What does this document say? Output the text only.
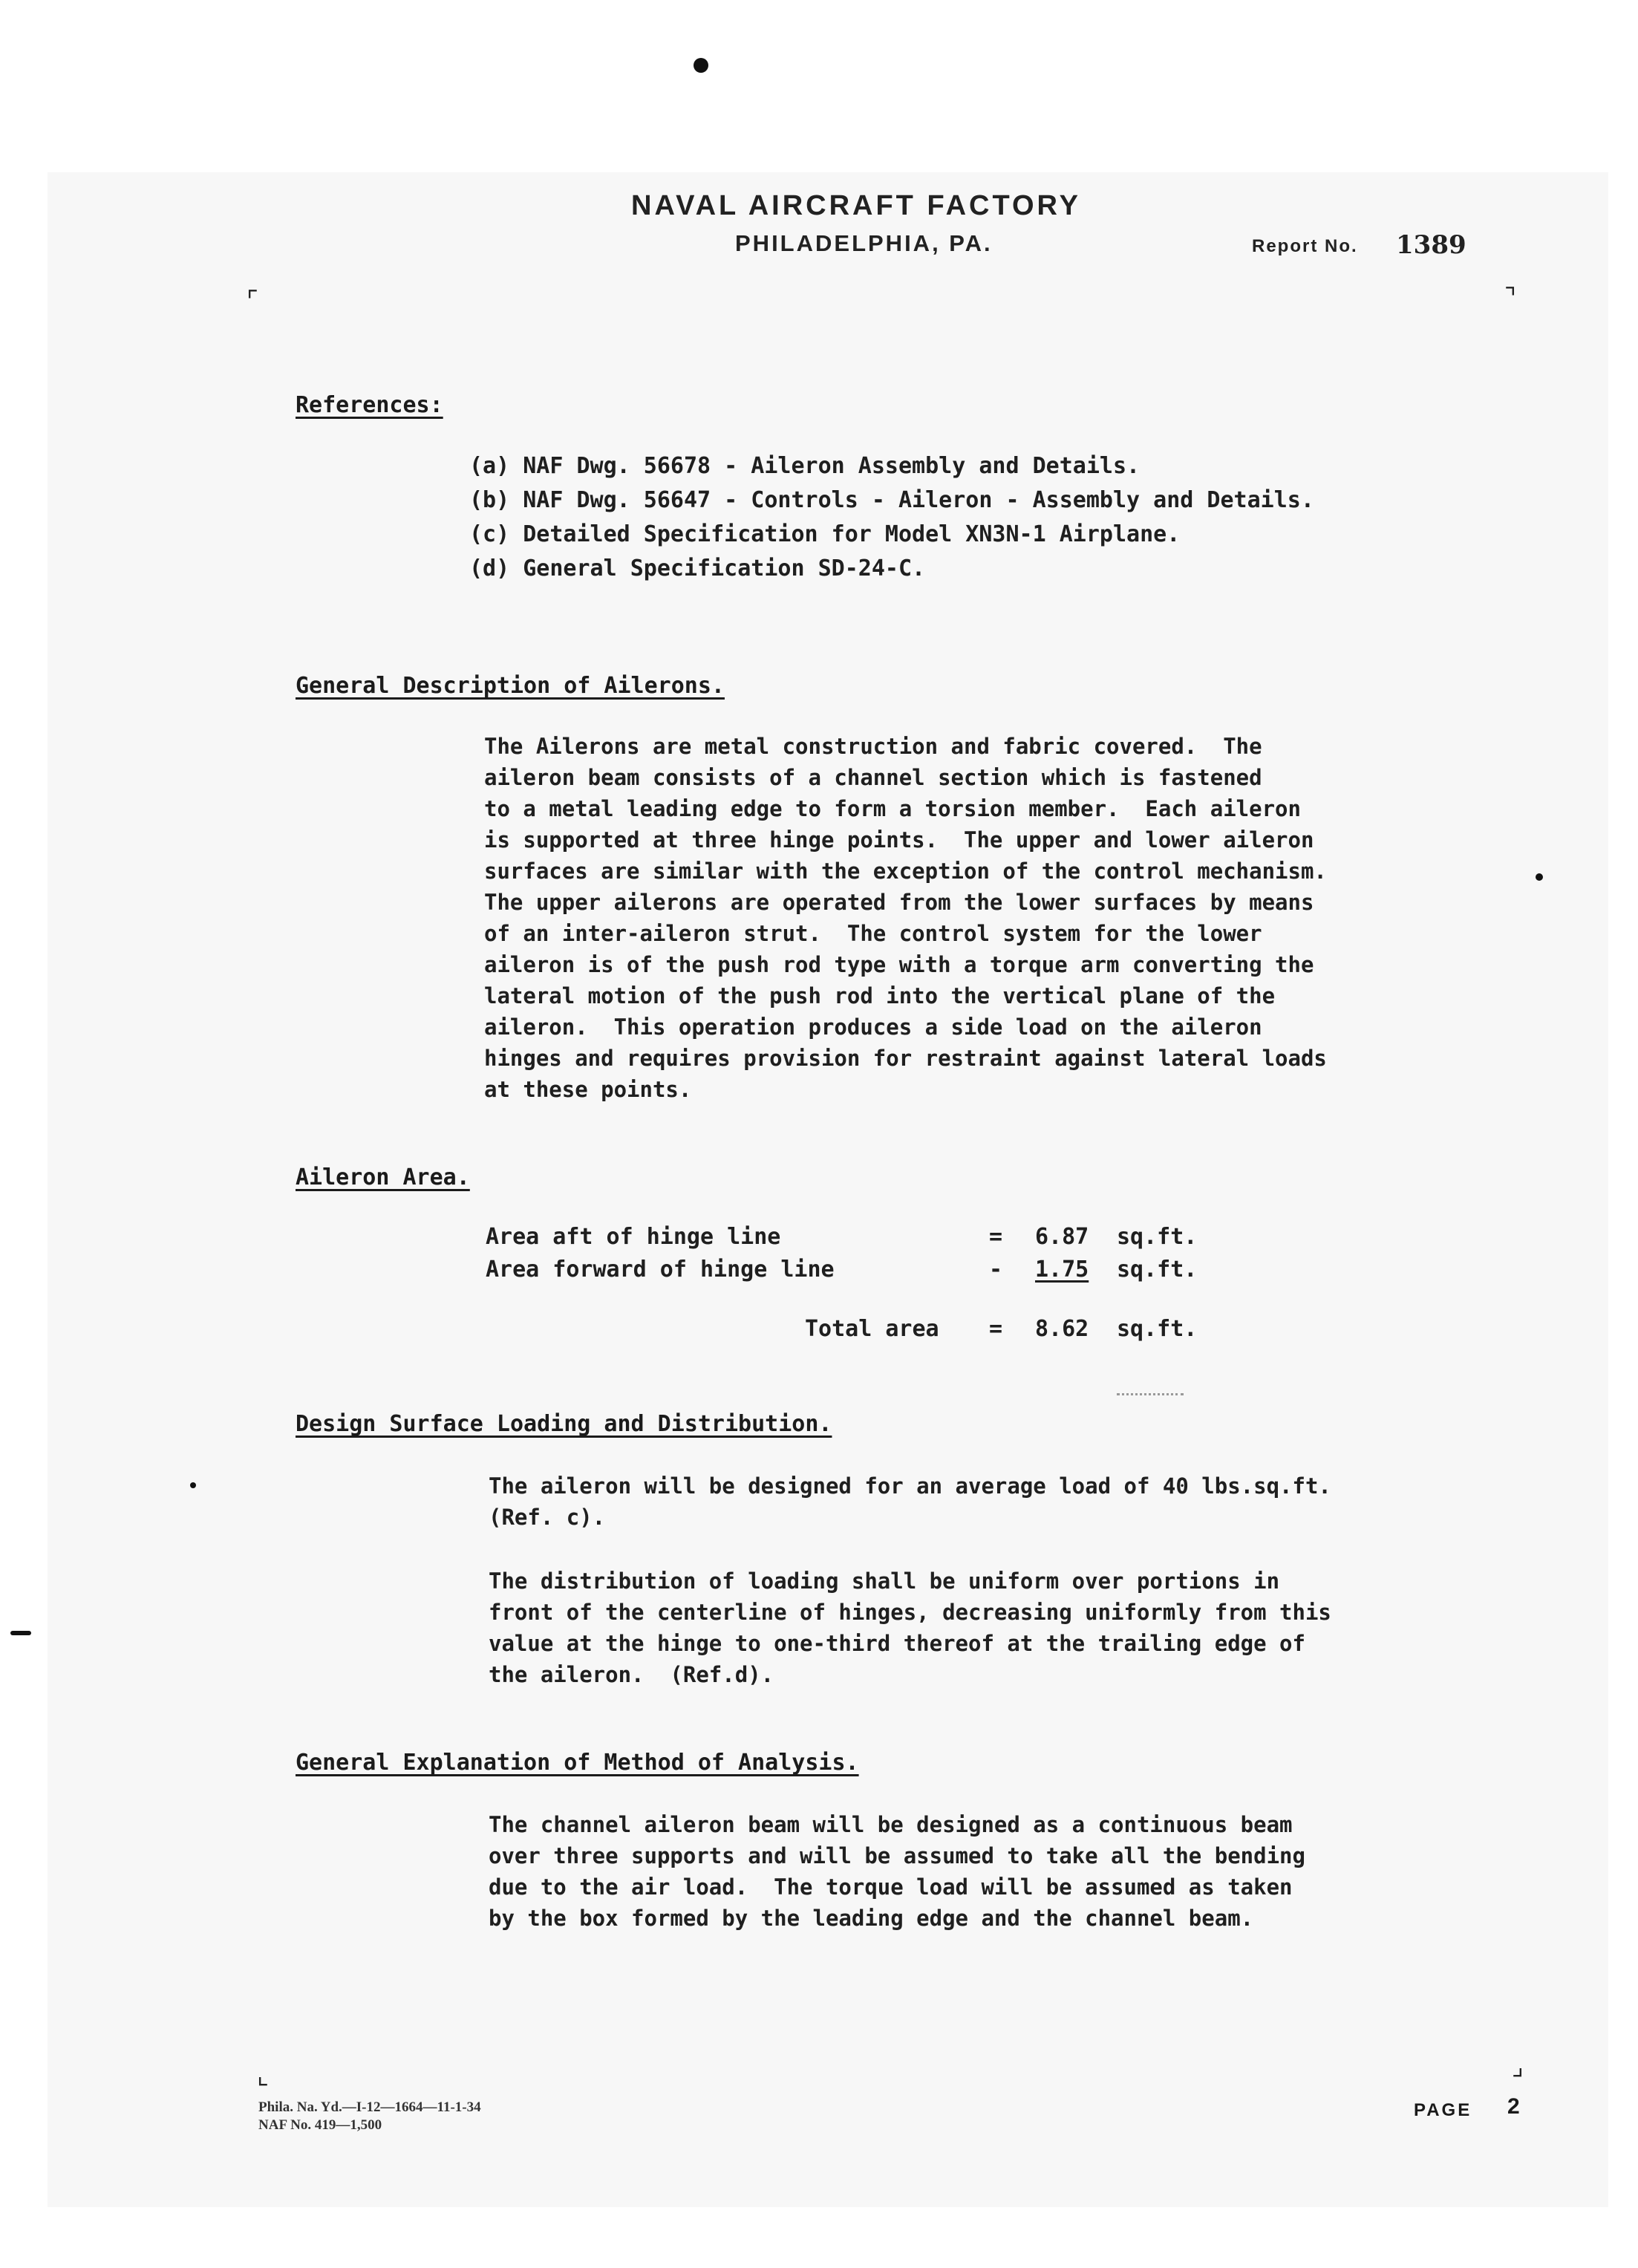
NAVAL AIRCRAFT FACTORY
PHILADELPHIA, PA.	Report No. 1389
⌜	⌝
⌞	⌟
References:
(a) NAF Dwg. 56678 - Aileron Assembly and Details.
(b) NAF Dwg. 56647 - Controls - Aileron - Assembly and Details.
(c) Detailed Specification for Model XN3N-1 Airplane.
(d) General Specification SD-24-C.
General Description of Ailerons.
The Ailerons are metal construction and fabric covered.  The
aileron beam consists of a channel section which is fastened
to a metal leading edge to form a torsion member.  Each aileron
is supported at three hinge points.  The upper and lower aileron
surfaces are similar with the exception of the control mechanism.
The upper ailerons are operated from the lower surfaces by means
of an inter-aileron strut.  The control system for the lower
aileron is of the push rod type with a torque arm converting the
lateral motion of the push rod into the vertical plane of the
aileron.  This operation produces a side load on the aileron
hinges and requires provision for restraint against lateral loads
at these points.
Aileron Area.
Area aft of hinge line	= 6.87 sq.ft.
Area forward of hinge line	- 1.75 sq.ft.
Total area = 8.62 sq.ft.
Design Surface Loading and Distribution.
The aileron will be designed for an average load of 40 lbs.sq.ft.
(Ref. c).
The distribution of loading shall be uniform over portions in
front of the centerline of hinges, decreasing uniformly from this
value at the hinge to one-third thereof at the trailing edge of
the aileron.  (Ref.d).
General Explanation of Method of Analysis.
The channel aileron beam will be designed as a continuous beam
over three supports and will be assumed to take all the bending
due to the air load.  The torque load will be assumed as taken
by the box formed by the leading edge and the channel beam.
Phila. Na. Yd.—I-12—1664—11-1-34
NAF No. 419—1,500
PAGE 2
